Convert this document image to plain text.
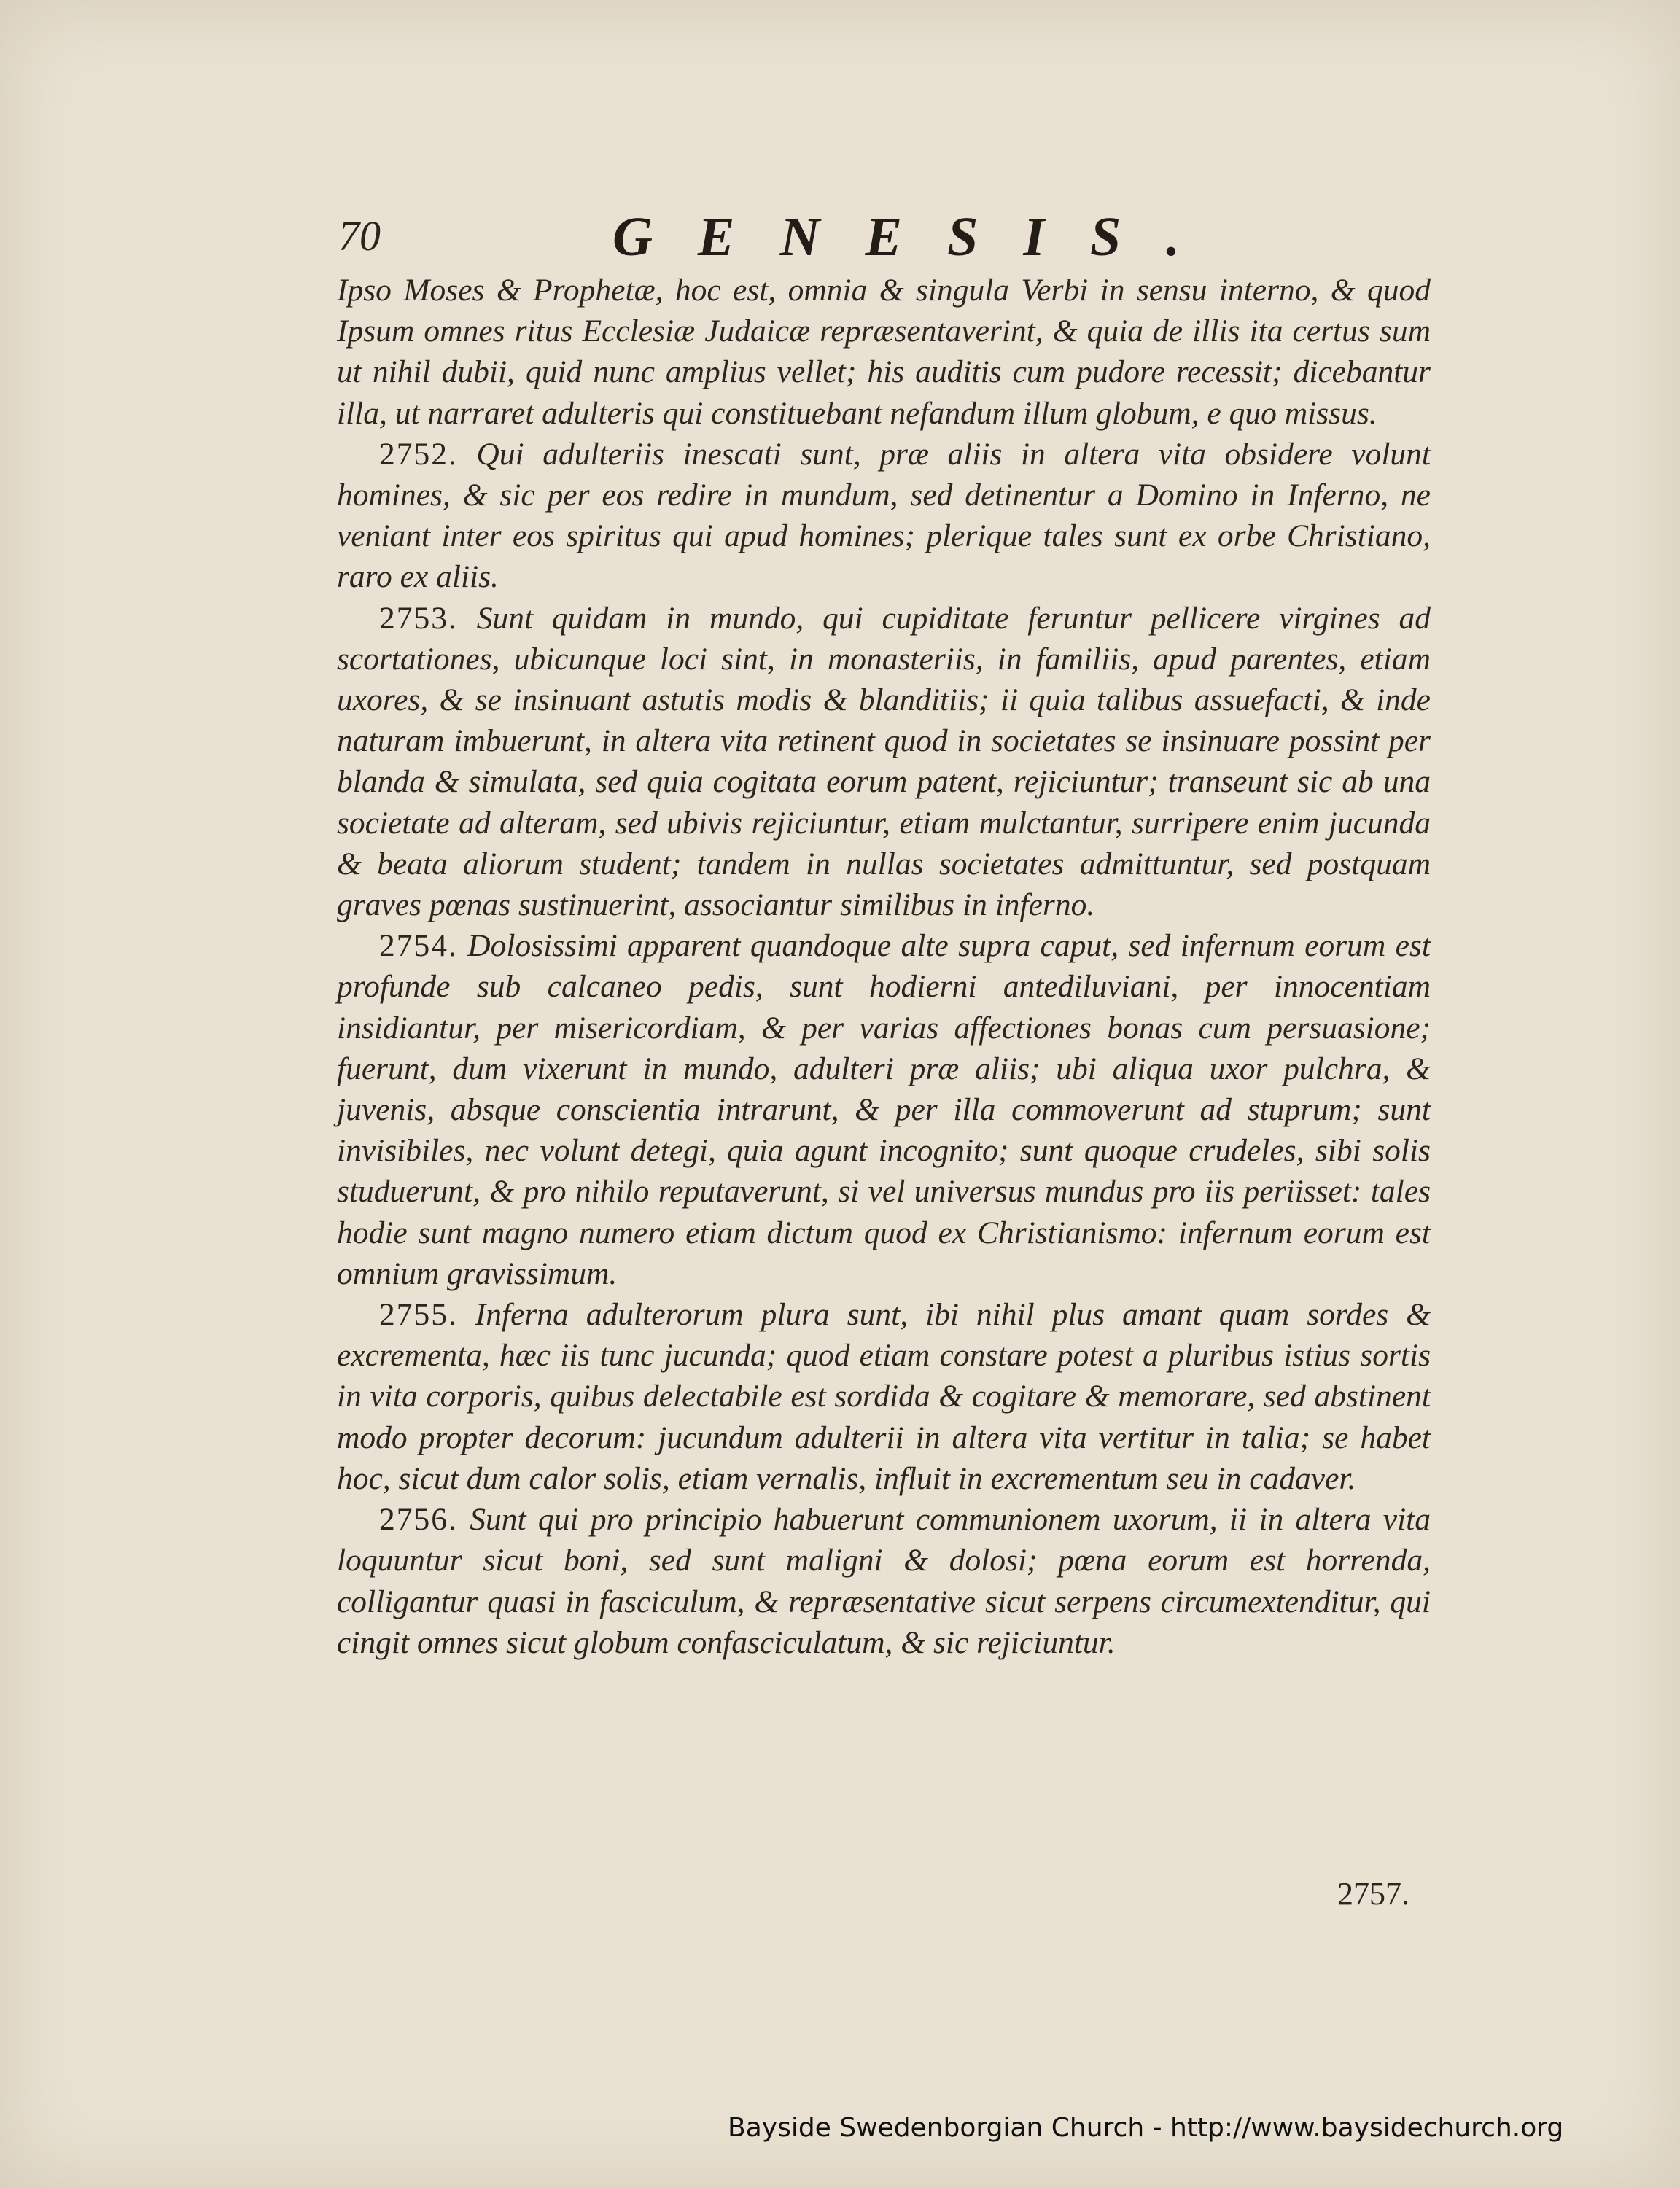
70	GENESIS.

Ipso Moses & Prophetæ, hoc est, omnia & singula Verbi in sensu interno, & quod Ipsum omnes ritus Ecclesiæ Judaicæ repræsentaverint, & quia de illis ita certus sum ut nihil dubii, quid nunc amplius vellet; his auditis cum pudore recessit; dicebantur illa, ut narraret adulteris qui constituebant nefandum illum globum, e quo missus.

2752. Qui adulteriis inescati sunt, præ aliis in altera vita obsidere volunt homines, & sic per eos redire in mundum, sed detinentur a Domino in Inferno, ne veniant inter eos spiritus qui apud homines; plerique tales sunt ex orbe Christiano, raro ex aliis.

2753. Sunt quidam in mundo, qui cupiditate feruntur pellicere virgines ad scortationes, ubicunque loci sint, in monasteriis, in familiis, apud parentes, etiam uxores, & se insinuant astutis modis & blanditiis; ii quia talibus assuefacti, & inde naturam imbuerunt, in altera vita retinent quod in societates se insinuare possint per blanda & simulata, sed quia cogitata eorum patent, rejiciuntur; transeunt sic ab una societate ad alteram, sed ubivis rejiciuntur, etiam mulctantur, surripere enim jucunda & beata aliorum student; tandem in nullas societates admittuntur, sed postquam graves pœnas sustinuerint, associantur similibus in inferno.

2754. Dolosissimi apparent quandoque alte supra caput, sed infernum eorum est profunde sub calcaneo pedis, sunt hodierni antediluviani, per innocentiam insidiantur, per misericordiam, & per varias affectiones bonas cum persuasione; fuerunt, dum vixerunt in mundo, adulteri præ aliis; ubi aliqua uxor pulchra, & juvenis, absque conscientia intrarunt, & per illa commoverunt ad stuprum; sunt invisibiles, nec volunt detegi, quia agunt incognito; sunt quoque crudeles, sibi solis studuerunt, & pro nihilo reputaverunt, si vel universus mundus pro iis periisset: tales hodie sunt magno numero etiam dictum quod ex Christianismo: infernum eorum est omnium gravissimum.

2755. Inferna adulterorum plura sunt, ibi nihil plus amant quam sordes & excrementa, hæc iis tunc jucunda; quod etiam constare potest a pluribus istius sortis in vita corporis, quibus delectabile est sordida & cogitare & memorare, sed abstinent modo propter decorum: jucundum adulterii in altera vita vertitur in talia; se habet hoc, sicut dum calor solis, etiam vernalis, influit in excrementum seu in cadaver.

2756. Sunt qui pro principio habuerunt communionem uxorum, ii in altera vita loquuntur sicut boni, sed sunt maligni & dolosi; pœna eorum est horrenda, colligantur quasi in fasciculum, & repræsentative sicut serpens circumextenditur, qui cingit omnes sicut globum confasciculatum, & sic rejiciuntur.

2757.
Bayside Swedenborgian Church - http://www.baysidechurch.org
